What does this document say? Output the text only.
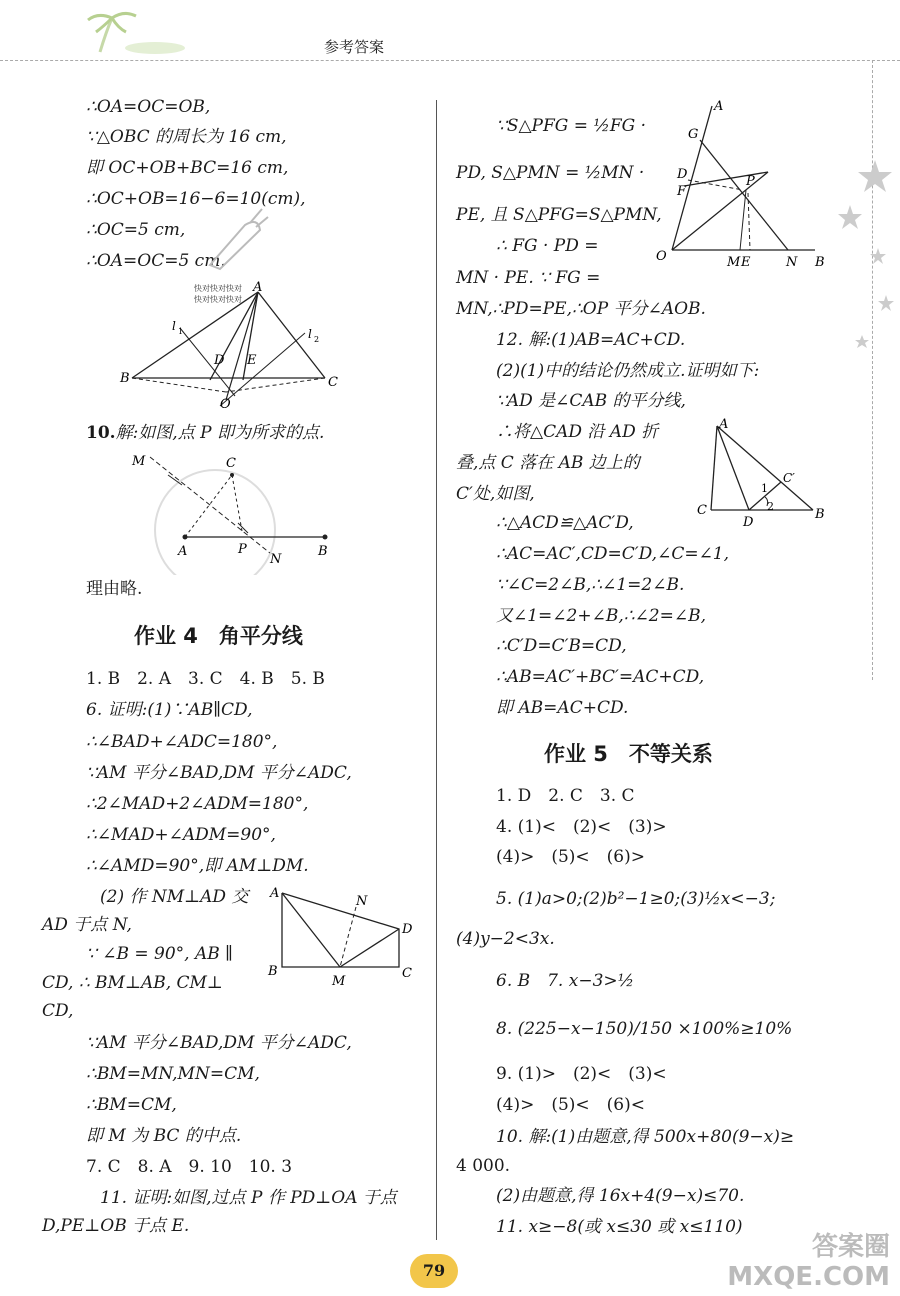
参考答案
∴OA=OC=OB,
∵△OBC 的周长为 16 cm,
即 OC+OB+BC=16 cm,
∴OC+OB=16−6=10(cm),
∴OC=5 cm,
∴OA=OC=5 cm.
快对快对快对
快对快对快对
A
B	C
D E
O
l 1	l 2
10.解:如图,点 P 即为所求的点.
M	C
A	P
N
B
理由略.
作业 4　角平分线
1. B　2. A　3. C　4. B　5. B
6. 证明:(1)∵AB∥CD,
∴∠BAD+∠ADC=180°,
∵AM 平分∠BAD,DM 平分∠ADC,
∴2∠MAD+2∠ADM=180°,
∴∠MAD+∠ADM=90°,
∴∠AMD=90°,即 AM⊥DM.
(2) 作 NM⊥AD 交
AD 于点 N,
∵ ∠B = 90°, AB ∥
CD, ∴ BM⊥AB, CM⊥
CD,
A
N
D
B
M
C
∵AM 平分∠BAD,DM 平分∠ADC,
∴BM=MN,MN=CM,
∴BM=CM,
即 M 为 BC 的中点.
7. C　8. A　9. 10　10. 3
11. 证明:如图,过点 P 作 PD⊥OA 于点
D,PE⊥OB 于点 E.
∵S△PFG = ½FG ·
PD, S△PMN = ½MN ·
PE, 且 S△PFG=S△PMN,
∴ FG · PD =
MN · PE. ∵ FG =
MN,∴PD=PE,∴OP 平分∠AOB.
A
G
D
F
P
O	M E	N B
12. 解:(1)AB=AC+CD.
(2)(1)中的结论仍然成立.证明如下:
∵AD 是∠CAB 的平分线,
∴将△CAD 沿 AD 折
叠,点 C 落在 AB 边上的
C′处,如图,
∴△ACD≌△AC′D,
∴AC=AC′,CD=C′D,∠C=∠1,
∵∠C=2∠B,∴∠1=2∠B.
又∠1=∠2+∠B,∴∠2=∠B,
∴C′D=C′B=CD,
∴AB=AC′+BC′=AC+CD,
即 AB=AC+CD.
A
C
D
B
C′
1
2
作业 5　不等关系
1. D　2. C　3. C
4. (1)<　(2)<　(3)>
(4)>　(5)<　(6)>
5. (1)a>0;(2)b²−1≥0;(3)½x<−3;
(4)y−2<3x.
6. B　7. x−3>½
8. (225−x−150)/150 ×100%≥10%
9. (1)>　(2)<　(3)<
(4)>　(5)<　(6)<
10. 解:(1)由题意,得 500x+80(9−x)≥
4 000.
(2)由题意,得 16x+4(9−x)≤70.
11. x≥−8(或 x≤30 或 x≤110)
79
答案圈
MXQE.COM
